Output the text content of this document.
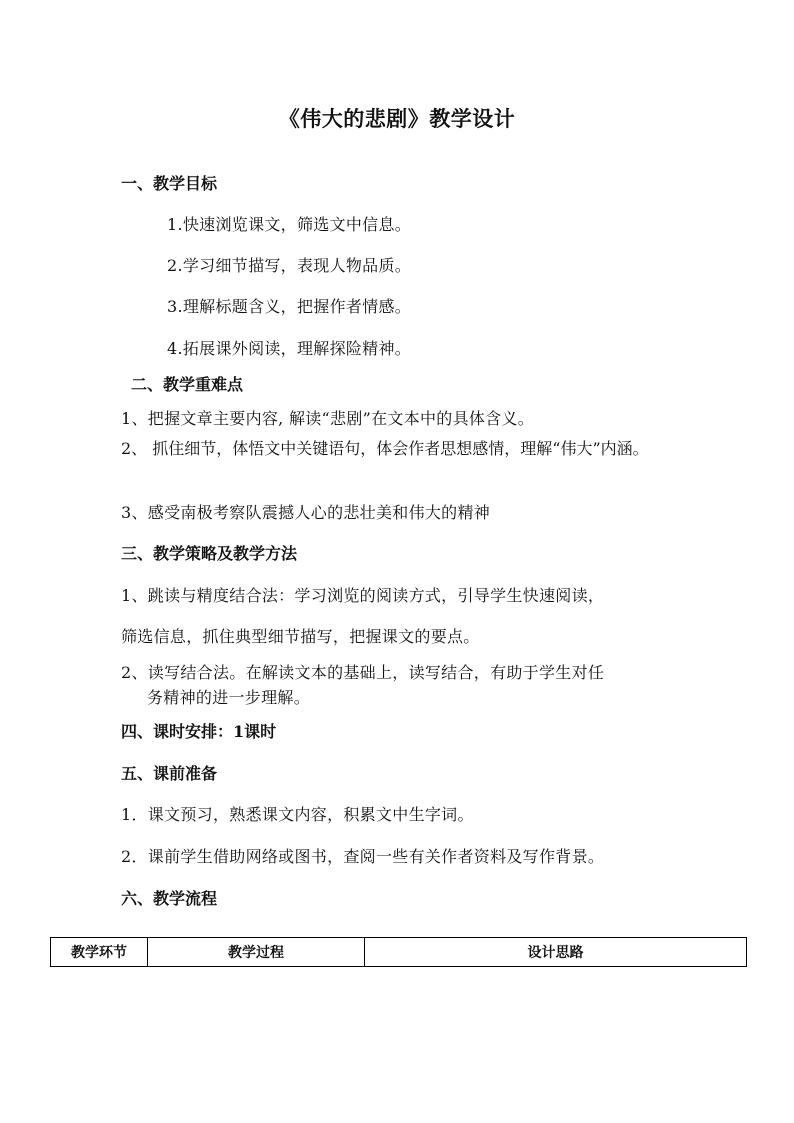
《伟大的悲剧》教学设计
一、教学目标
1.快速浏览课文，筛选文中信息。
2.学习细节描写，表现人物品质。
3.理解标题含义，把握作者情感。
4.拓展课外阅读，理解探险精神。
二、教学重难点
1、把握文章主要内容, 解读“悲剧”在文本中的具体含义。
2、 抓住细节，体悟文中关键语句，体会作者思想感情，理解“伟大”内涵。
3、感受南极考察队震撼人心的悲壮美和伟大的精神
三、教学策略及教学方法
1、跳读与精度结合法：学习浏览的阅读方式，引导学生快速阅读，
筛选信息，抓住典型细节描写，把握课文的要点。
2、读写结合法。在解读文本的基础上，读写结合，有助于学生对任
务精神的进一步理解。
四、课时安排：1课时
五、课前准备
1．课文预习，熟悉课文内容，积累文中生字词。
2．课前学生借助网络或图书，查阅一些有关作者资料及写作背景。
六、教学流程
教学环节	教学过程	设计思路
